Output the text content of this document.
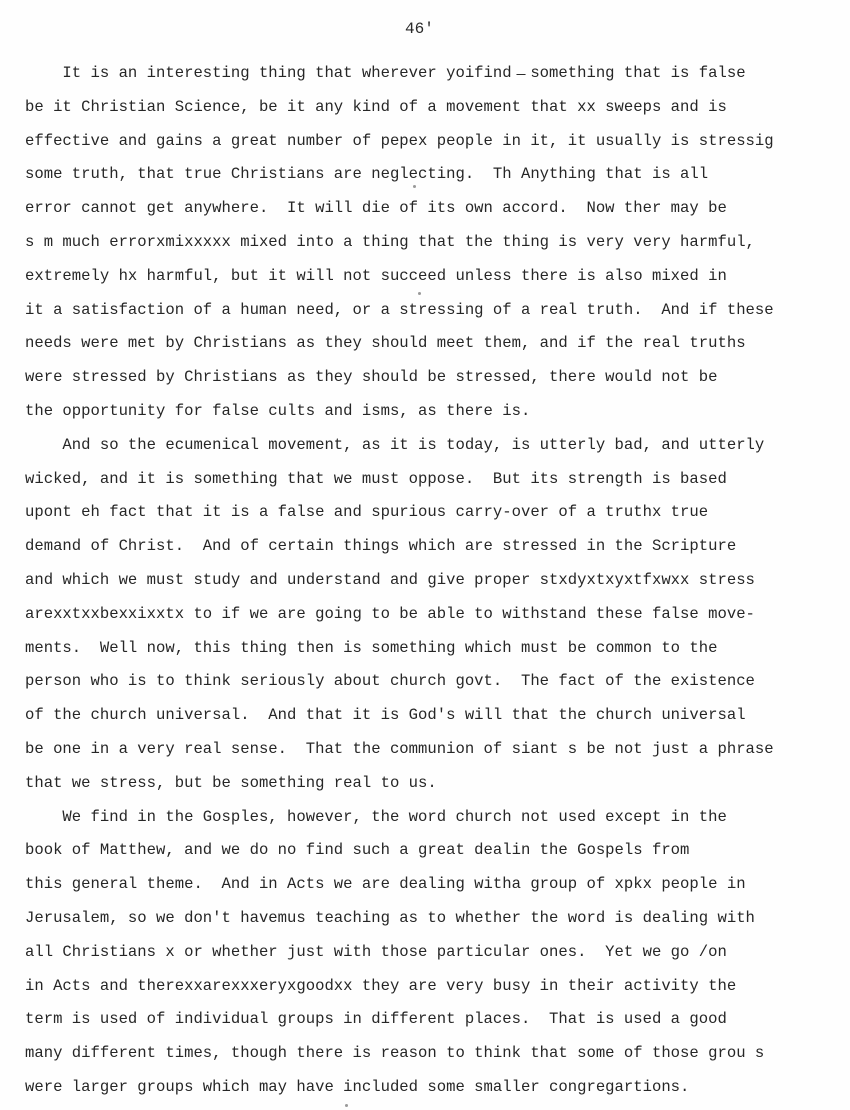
46'
It is an interesting thing that wherever yoifind ̶ something that is false
be it Christian Science, be it any kind of a movement that xx sweeps and is
effective and gains a great number of pepex people in it, it usually is stressig
some truth, that true Christians are neglecting.  Th Anything that is all
error cannot get anywhere.  It will die of its own accord.  Now ther may be
s m much errorxmixxxxx mixed into a thing that the thing is very very harmful,
extremely hx harmful, but it will not succeed unless there is also mixed in
it a satisfaction of a human need, or a stressing of a real truth.  And if these
needs were met by Christians as they should meet them, and if the real truths
were stressed by Christians as they should be stressed, there would not be
the opportunity for false cults and isms, as there is.
And so the ecumenical movement, as it is today, is utterly bad, and utterly
wicked, and it is something that we must oppose.  But its strength is based
upont eh fact that it is a false and spurious carry-over of a truthx true
demand of Christ.  And of certain things which are stressed in the Scripture
and which we must study and understand and give proper stxdyxtxyxtfxwxx stress
arexxtxxbexxixxtx to if we are going to be able to withstand these false move-
ments.  Well now, this thing then is something which must be common to the
person who is to think seriously about church govt.  The fact of the existence
of the church universal.  And that it is God's will that the church universal
be one in a very real sense.  That the communion of siant s be not just a phrase
that we stress, but be something real to us.
We find in the Gosples, however, the word church not used except in the
book of Matthew, and we do no find such a great dealin the Gospels from
this general theme.  And in Acts we are dealing witha group of xpkx people in
Jerusalem, so we don't havemus teaching as to whether the word is dealing with
all Christians x or whether just with those particular ones.  Yet we go /on
in Acts and therexxarexxxeryxgoodxx they are very busy in their activity the
term is used of individual groups in different places.  That is used a good
many different times, though there is reason to think that some of those grou s
were larger groups which may have included some smaller congregartions.
